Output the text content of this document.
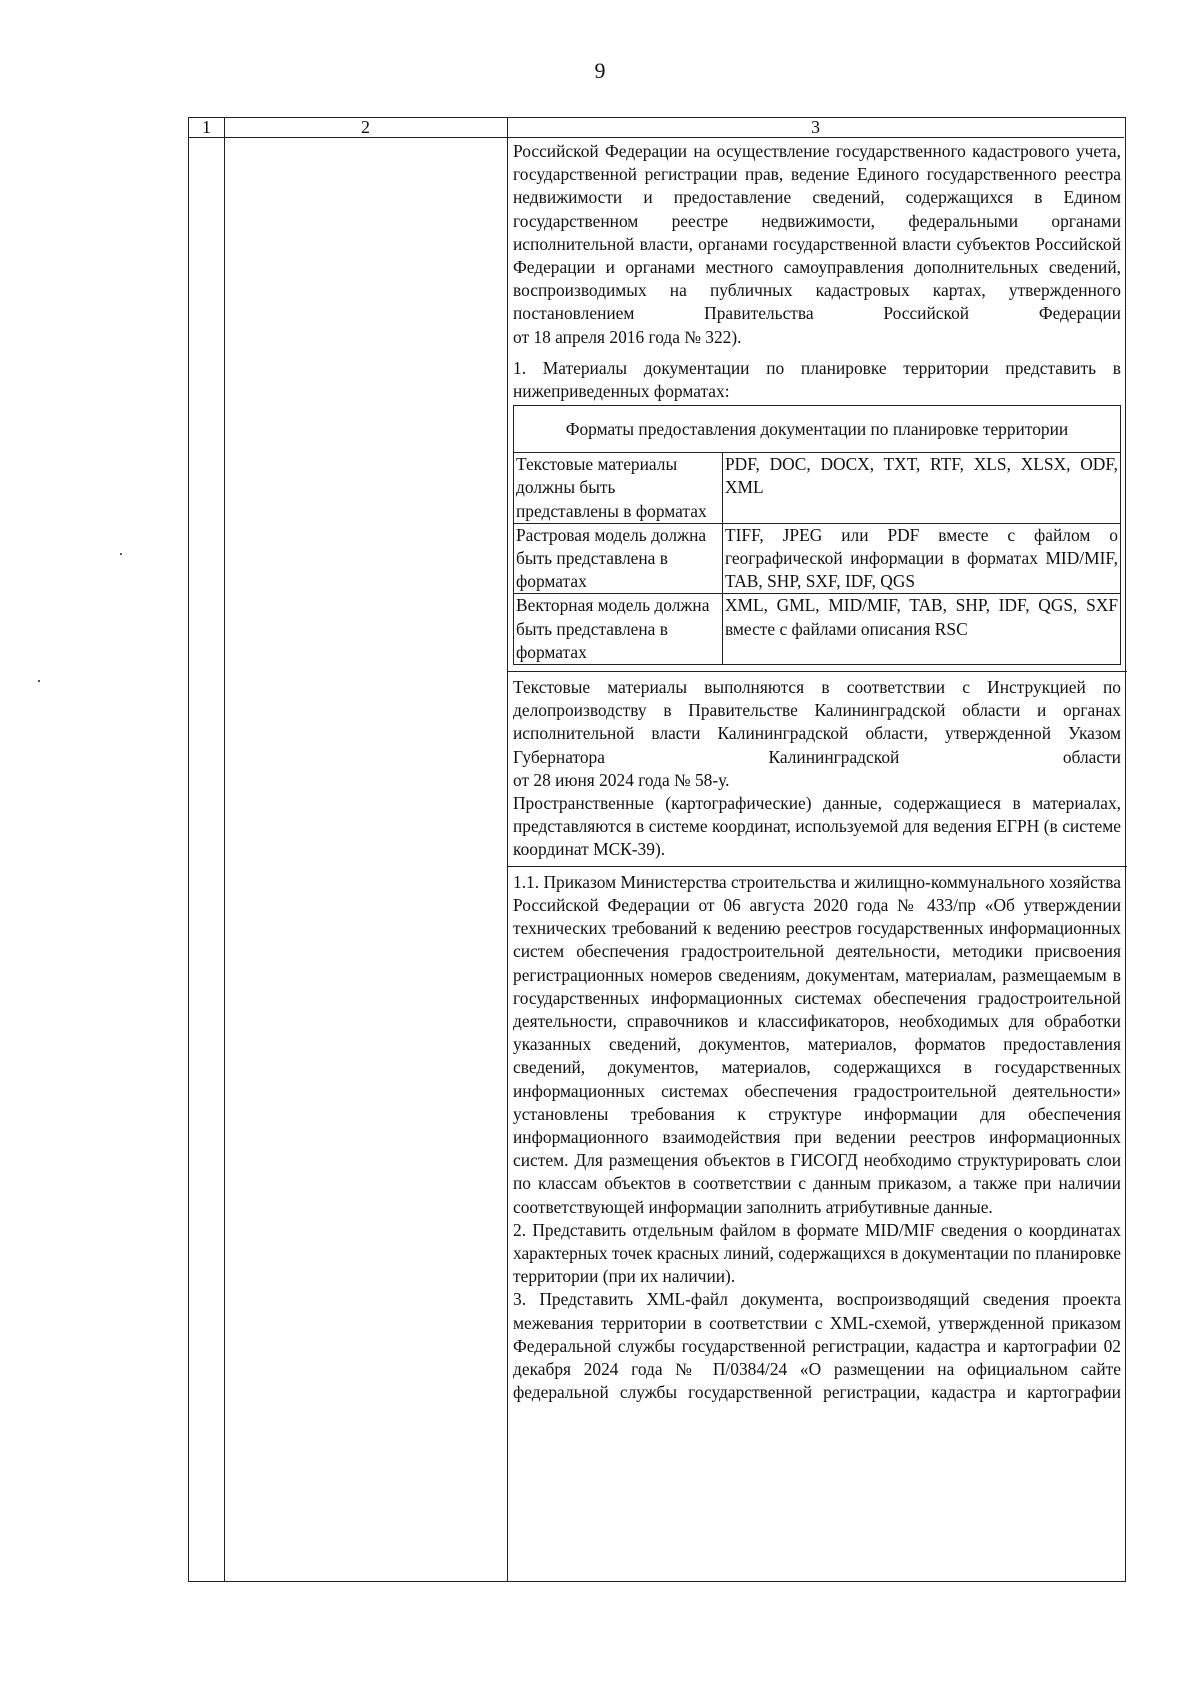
9
1	2	3

Российской Федерации на осуществление государственного кадастрового учета, государственной регистрации прав, ведение Единого государственного реестра недвижимости и предоставление сведений, содержащихся в Едином государственном реестре недвижимости, федеральными органами исполнительной власти, органами государственной власти субъектов Российской Федерации и органами местного самоуправления дополнительных сведений, воспроизводимых на публичных кадастровых картах, утвержденного постановлением Правительства Российской Федерации

от 18 апреля 2016 года № 322).

1. Материалы документации по планировке территории представить в нижеприведенных форматах:

Форматы предоставления документации по планировке территории	
Текстовые материалы должны быть представлены в форматах	PDF, DOC, DOCX, TXT, RTF, XLS, XLSX, ODF, XML
Растровая модель должна быть представлена в форматах	TIFF, JPEG или PDF вместе с файлом о географической информации в форматах MID/MIF, TAB, SHP, SXF, IDF, QGS
Векторная модель должна быть представлена в форматах	XML, GML, MID/MIF, TAB, SHP, IDF, QGS, SXF вместе с файлами описания RSC

Текстовые материалы выполняются в соответствии с Инструкцией по делопроизводству в Правительстве Калининградской области и органах исполнительной власти Калининградской области, утвержденной Указом Губернатора Калининградской области

от 28 июня 2024 года № 58-у.

Пространственные (картографические) данные, содержащиеся в материалах, представляются в системе координат, используемой для ведения ЕГРН (в системе координат МСК-39).

1.1. Приказом Министерства строительства и жилищно-коммунального хозяйства Российской Федерации от 06 августа 2020 года № 433/пр «Об утверждении технических требований к ведению реестров государственных информационных систем обеспечения градостроительной деятельности, методики присвоения регистрационных номеров сведениям, документам, материалам, размещаемым в государственных информационных системах обеспечения градостроительной деятельности, справочников и классификаторов, необходимых для обработки указанных сведений, документов, материалов, форматов предоставления сведений, документов, материалов, содержащихся в государственных информационных системах обеспечения градостроительной деятельности» установлены требования к структуре информации для обеспечения информационного взаимодействия при ведении реестров информационных систем. Для размещения объектов в ГИСОГД необходимо структурировать слои по классам объектов в соответствии с данным приказом, а также при наличии соответствующей информации заполнить атрибутивные данные.

2. Представить отдельным файлом в формате MID/MIF сведения о координатах характерных точек красных линий, содержащихся в документации по планировке территории (при их наличии).

3. Представить XML-файл документа, воспроизводящий сведения проекта межевания территории в соответствии с XML-схемой, утвержденной приказом Федеральной службы государственной регистрации, кадастра и картографии 02 декабря 2024 года № П/0384/24 «О размещении на официальном сайте федеральной службы государственной регистрации, кадастра и картографии
